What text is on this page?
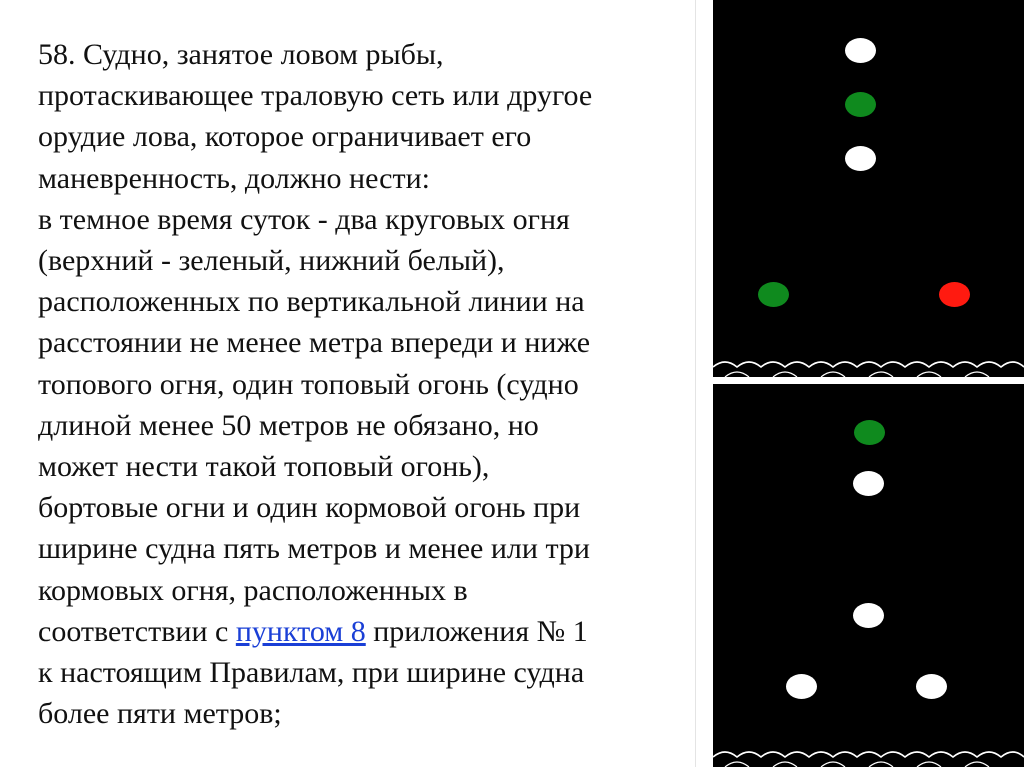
58. Судно, занятое ловом рыбы,
протаскивающее траловую сеть или другое
орудие лова, которое ограничивает его
маневренность, должно нести:
в темное время суток - два круговых огня
(верхний - зеленый, нижний белый),
расположенных по вертикальной линии на
расстоянии не менее метра впереди и ниже
топового огня, один топовый огонь (судно
длиной менее 50 метров не обязано, но
может нести такой топовый огонь),
бортовые огни и один кормовой огонь при
ширине судна пять метров и менее или три
кормовых огня, расположенных в
соответствии с пунктом 8 приложения № 1
к настоящим Правилам, при ширине судна
более пяти метров;
